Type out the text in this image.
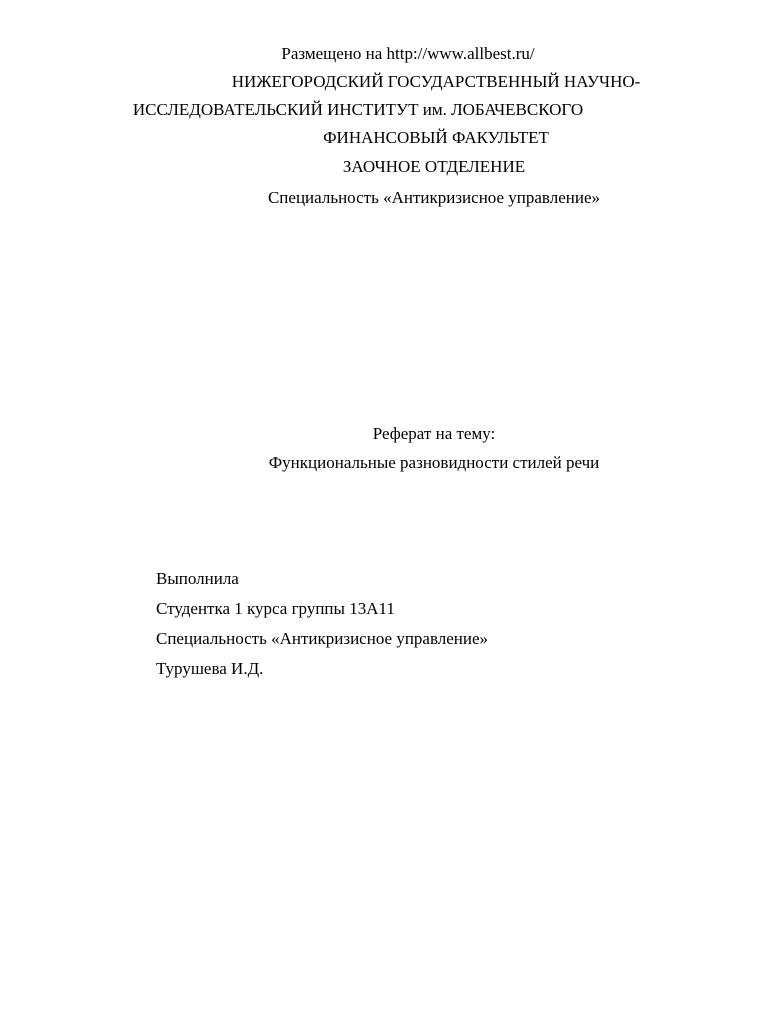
Размещено на http://www.allbest.ru/
НИЖЕГОРОДСКИЙ ГОСУДАРСТВЕННЫЙ НАУЧНО-
ИССЛЕДОВАТЕЛЬСКИЙ ИНСТИТУТ им. ЛОБАЧЕВСКОГО
ФИНАНСОВЫЙ ФАКУЛЬТЕТ
ЗАОЧНОЕ ОТДЕЛЕНИЕ
Специальность «Антикризисное управление»
Реферат на тему:
Функциональные разновидности стилей речи
Выполнила
Студентка 1 курса группы 13А11
Специальность «Антикризисное управление»
Турушева И.Д.
